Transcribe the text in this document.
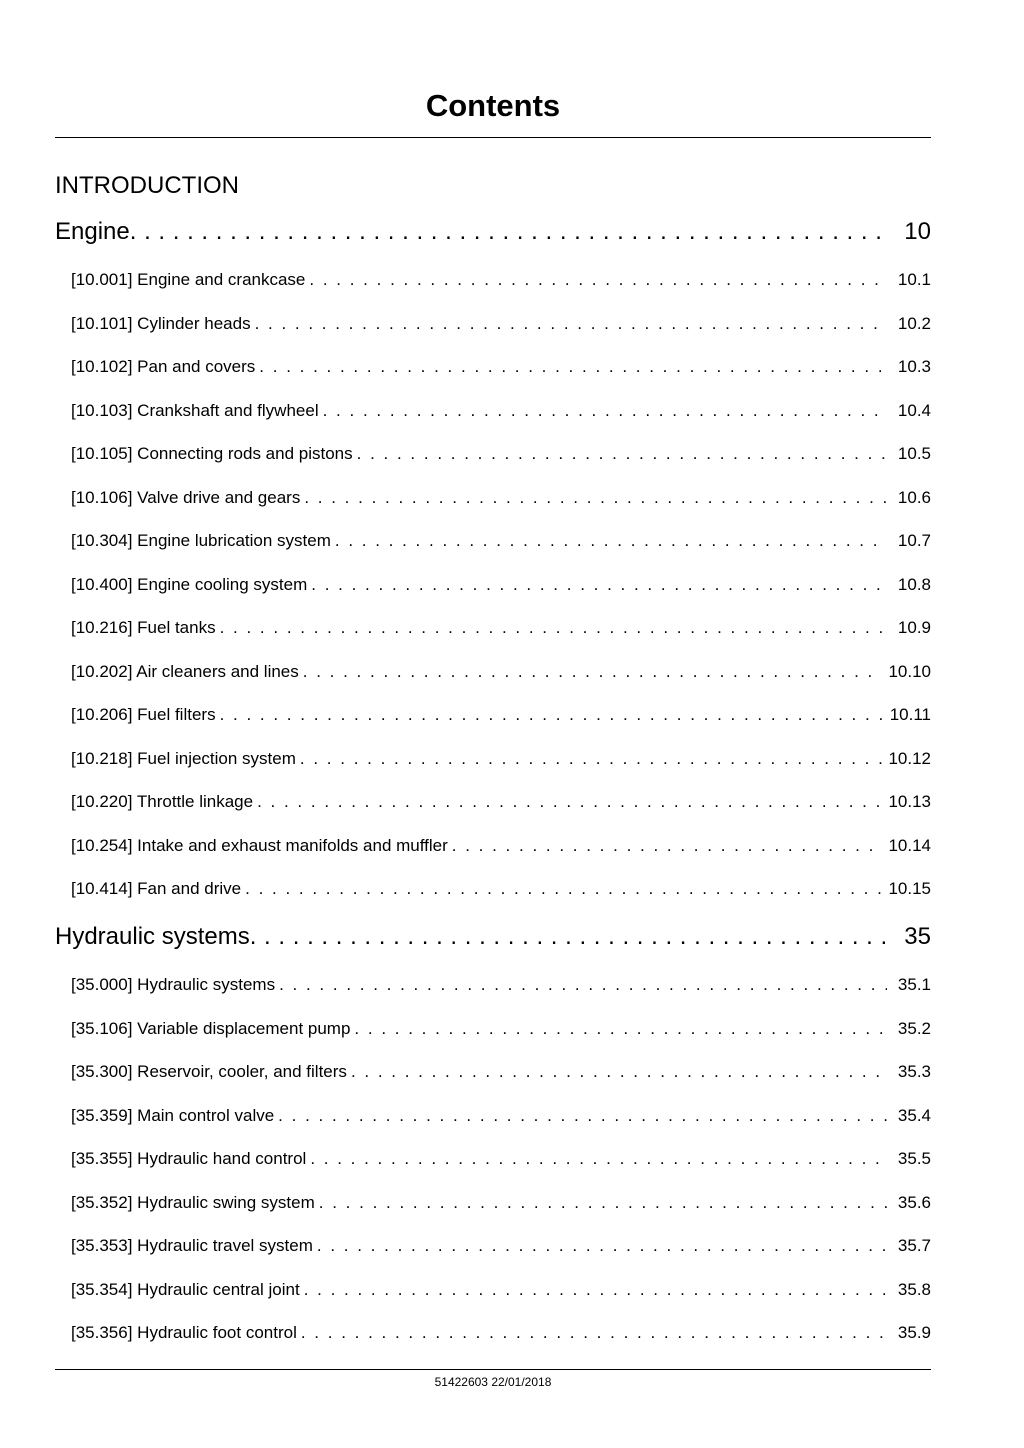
Contents
INTRODUCTION
Engine . . .	10
[10.001] Engine and crankcase . . .	10.1
[10.101] Cylinder heads . . .	10.2
[10.102] Pan and covers . . .	10.3
[10.103] Crankshaft and flywheel . . .	10.4
[10.105] Connecting rods and pistons . . .	10.5
[10.106] Valve drive and gears . . .	10.6
[10.304] Engine lubrication system . . .	10.7
[10.400] Engine cooling system . . .	10.8
[10.216] Fuel tanks . . .	10.9
[10.202] Air cleaners and lines . . .	10.10
[10.206] Fuel filters . . .	10.11
[10.218] Fuel injection system . . .	10.12
[10.220] Throttle linkage . . .	10.13
[10.254] Intake and exhaust manifolds and muffler . . .	10.14
[10.414] Fan and drive . . .	10.15
Hydraulic systems . . .	35
[35.000] Hydraulic systems . . .	35.1
[35.106] Variable displacement pump . . .	35.2
[35.300] Reservoir, cooler, and filters . . .	35.3
[35.359] Main control valve . . .	35.4
[35.355] Hydraulic hand control . . .	35.5
[35.352] Hydraulic swing system . . .	35.6
[35.353] Hydraulic travel system . . .	35.7
[35.354] Hydraulic central joint . . .	35.8
[35.356] Hydraulic foot control . . .	35.9
51422603 22/01/2018
